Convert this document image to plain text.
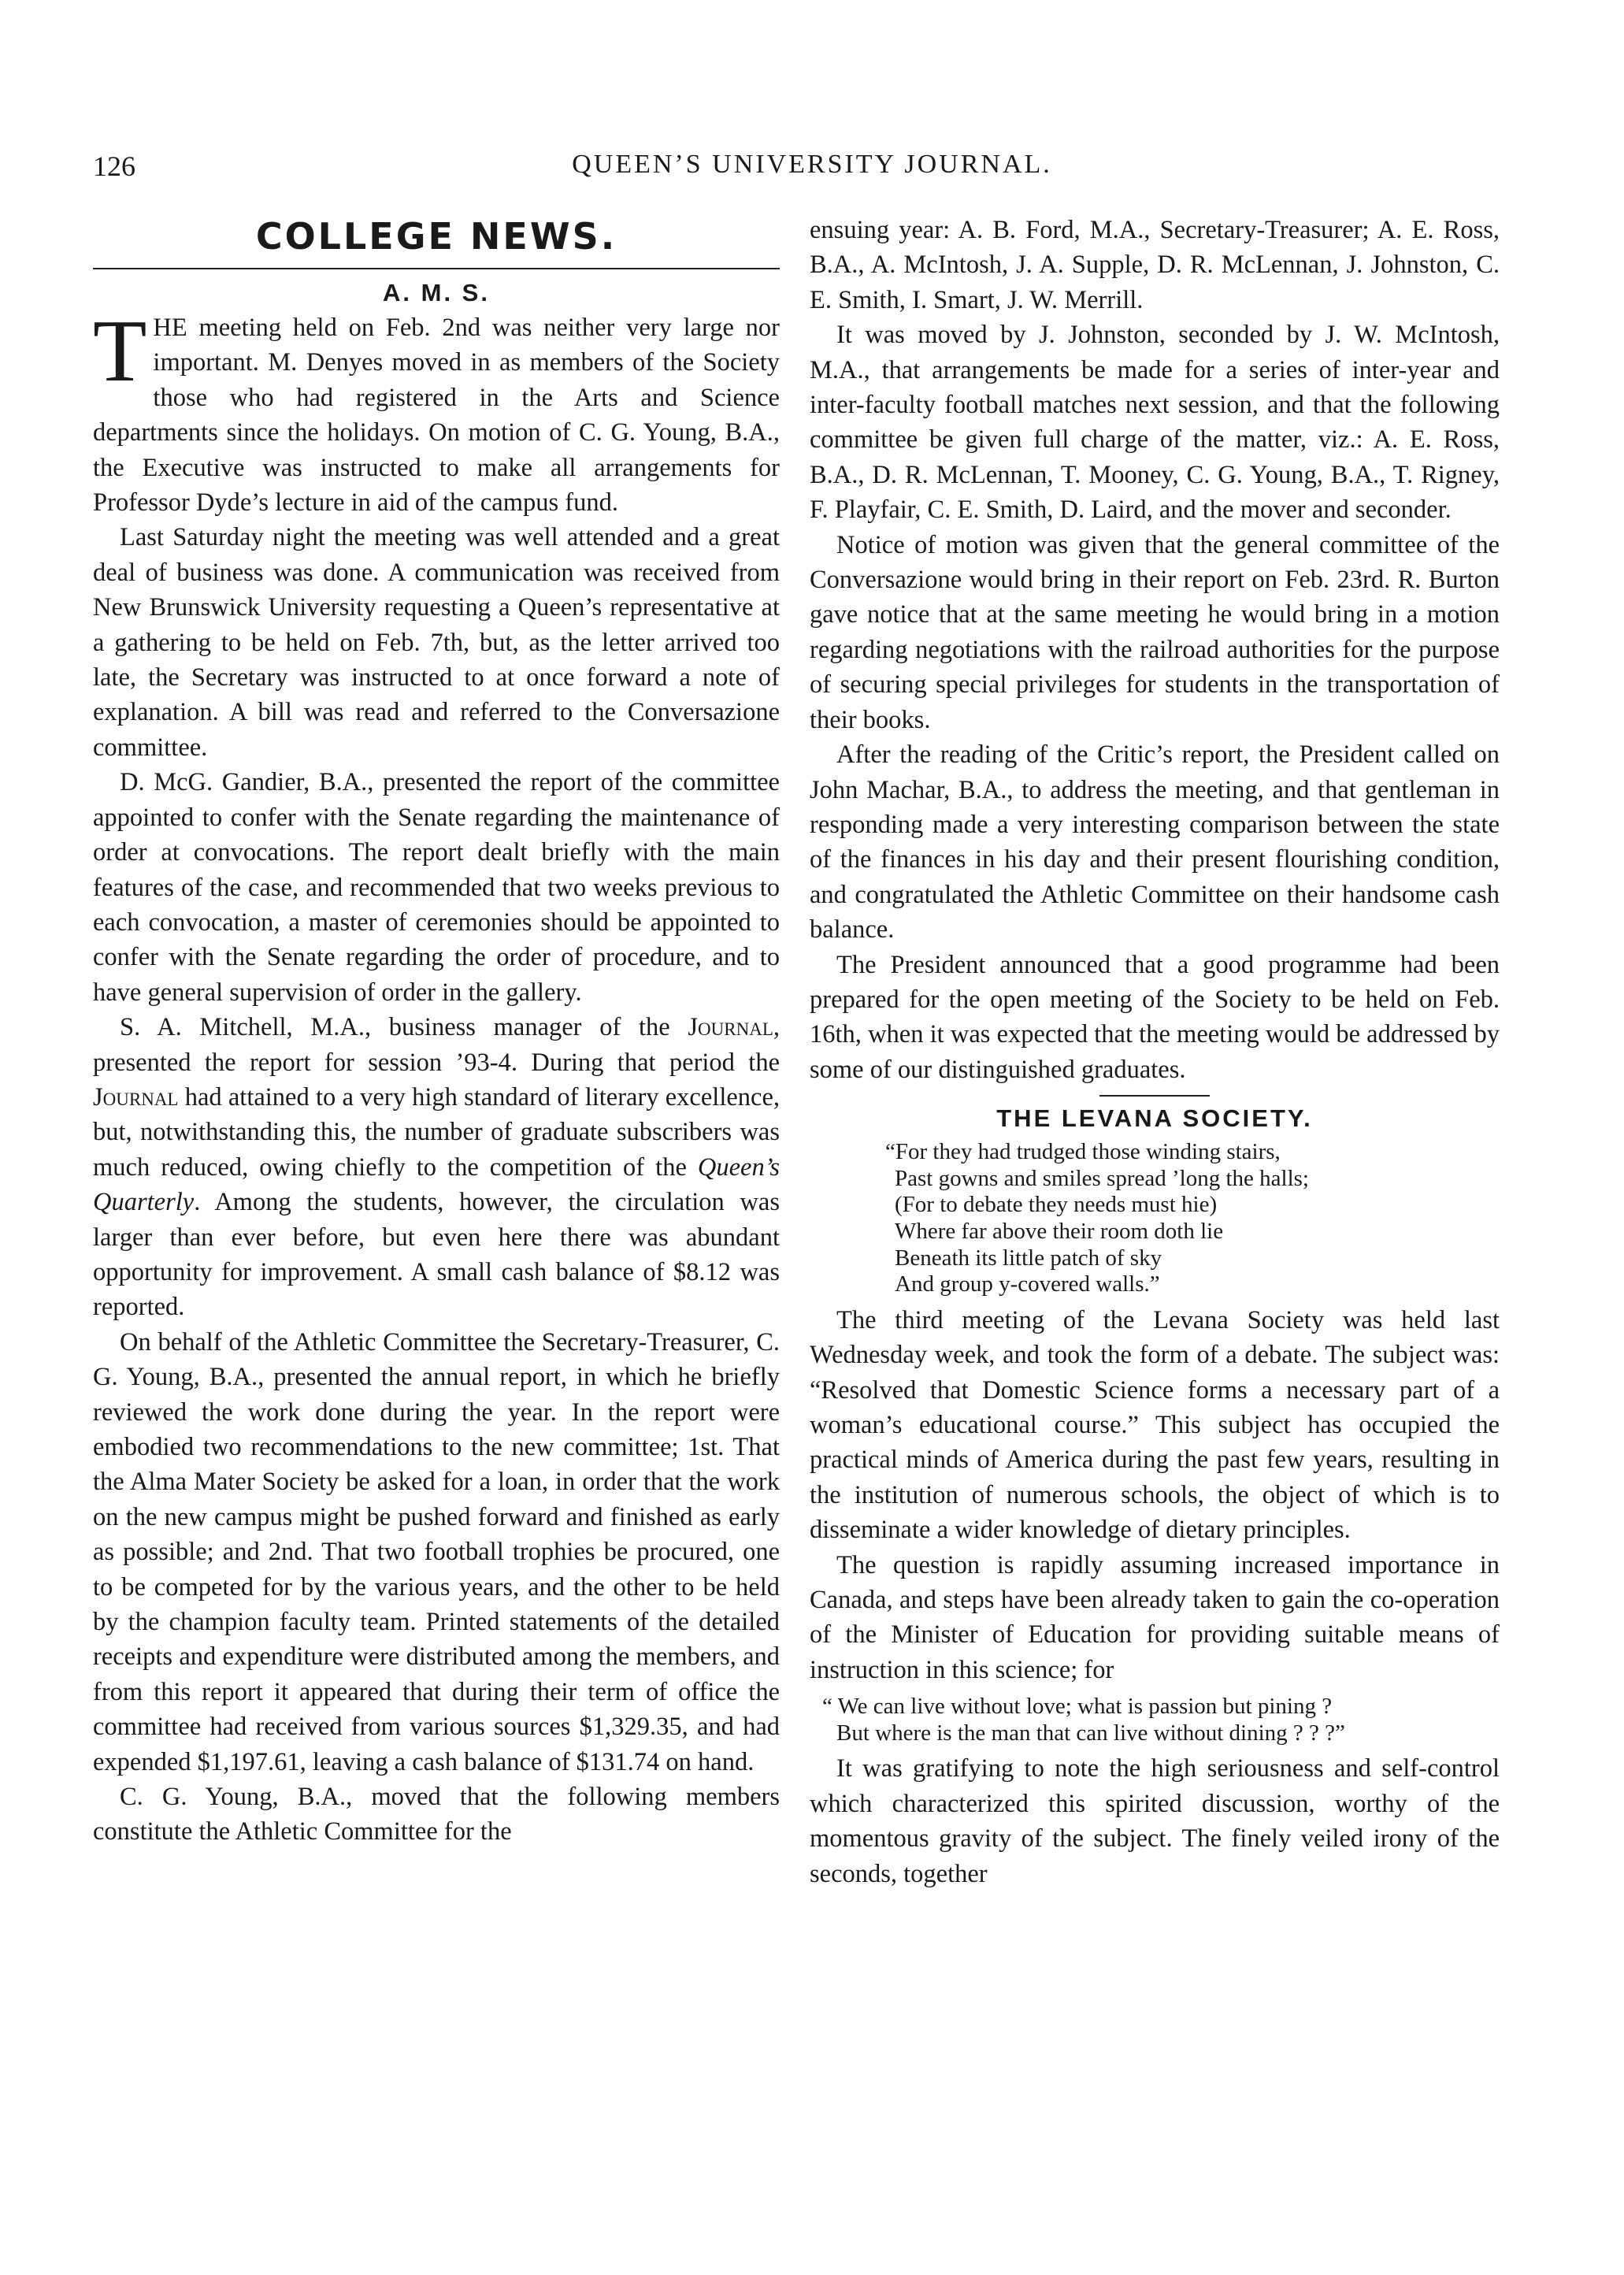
126	QUEEN’S UNIVERSITY JOURNAL.
COLLEGE NEWS.
A. M. S.

THE meeting held on Feb. 2nd was neither very large nor important. M. Denyes moved in as members of the Society those who had registered in the Arts and Science departments since the holidays. On motion of C. G. Young, B.A., the Executive was instructed to make all arrangements for Professor Dyde’s lecture in aid of the campus fund.

Last Saturday night the meeting was well attended and a great deal of business was done. A communication was received from New Brunswick University requesting a Queen’s representative at a gathering to be held on Feb. 7th, but, as the letter arrived too late, the Secretary was instructed to at once forward a note of explanation. A bill was read and referred to the Conversazione committee.

D. McG. Gandier, B.A., presented the report of the committee appointed to confer with the Senate regarding the maintenance of order at convocations. The report dealt briefly with the main features of the case, and recommended that two weeks previous to each convocation, a master of ceremonies should be appointed to confer with the Senate regarding the order of procedure, and to have general supervision of order in the gallery.

S. A. Mitchell, M.A., business manager of the Journal, presented the report for session ’93-4. During that period the Journal had attained to a very high standard of literary excellence, but, notwithstanding this, the number of graduate subscribers was much reduced, owing chiefly to the competition of the Queen’s Quarterly. Among the students, however, the circulation was larger than ever before, but even here there was abundant opportunity for improvement. A small cash balance of $8.12 was reported.

On behalf of the Athletic Committee the Secretary-Treasurer, C. G. Young, B.A., presented the annual report, in which he briefly reviewed the work done during the year. In the report were embodied two recommendations to the new committee; 1st. That the Alma Mater Society be asked for a loan, in order that the work on the new campus might be pushed forward and finished as early as possible; and 2nd. That two football trophies be procured, one to be competed for by the various years, and the other to be held by the champion faculty team. Printed statements of the detailed receipts and expenditure were distributed among the members, and from this report it appeared that during their term of office the committee had received from various sources $1,329.35, and had expended $1,197.61, leaving a cash balance of $131.74 on hand.

C. G. Young, B.A., moved that the following members constitute the Athletic Committee for the

ensuing year: A. B. Ford, M.A., Secretary-Treasurer; A. E. Ross, B.A., A. McIntosh, J. A. Supple, D. R. McLennan, J. Johnston, C. E. Smith, I. Smart, J. W. Merrill.

It was moved by J. Johnston, seconded by J. W. McIntosh, M.A., that arrangements be made for a series of inter-year and inter-faculty football matches next session, and that the following committee be given full charge of the matter, viz.: A. E. Ross, B.A., D. R. McLennan, T. Mooney, C. G. Young, B.A., T. Rigney, F. Playfair, C. E. Smith, D. Laird, and the mover and seconder.

Notice of motion was given that the general committee of the Conversazione would bring in their report on Feb. 23rd. R. Burton gave notice that at the same meeting he would bring in a motion regarding negotiations with the railroad authorities for the purpose of securing special privileges for students in the transportation of their books.

After the reading of the Critic’s report, the President called on John Machar, B.A., to address the meeting, and that gentleman in responding made a very interesting comparison between the state of the finances in his day and their present flourishing condition, and congratulated the Athletic Committee on their handsome cash balance.

The President announced that a good programme had been prepared for the open meeting of the Society to be held on Feb. 16th, when it was expected that the meeting would be addressed by some of our distinguished graduates.

THE LEVANA SOCIETY.
“For they had trudged those winding stairs,
Past gowns and smiles spread ’long the halls;
(For to debate they needs must hie)
Where far above their room doth lie
Beneath its little patch of sky
And group y-covered walls.”

The third meeting of the Levana Society was held last Wednesday week, and took the form of a debate. The subject was: “Resolved that Domestic Science forms a necessary part of a woman’s educational course.” This subject has occupied the practical minds of America during the past few years, resulting in the institution of numerous schools, the object of which is to disseminate a wider knowledge of dietary principles.

The question is rapidly assuming increased importance in Canada, and steps have been already taken to gain the co-operation of the Minister of Education for providing suitable means of instruction in this science; for

“ We can live without love; what is passion but pining ?
But where is the man that can live without dining ? ? ?”

It was gratifying to note the high seriousness and self-control which characterized this spirited discussion, worthy of the momentous gravity of the subject. The finely veiled irony of the seconds, together
